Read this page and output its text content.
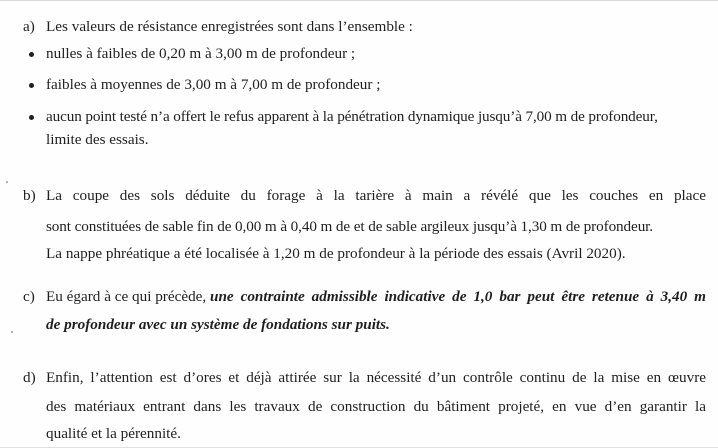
a) Les valeurs de résistance enregistrées sont dans l’ensemble :
nulles à faibles de 0,20 m à 3,00 m de profondeur ;
faibles à moyennes de 3,00 m à 7,00 m de profondeur ;
aucun point testé n’a offert le refus apparent à la pénétration dynamique jusqu’à 7,00 m de profondeur,
limite des essais.
b) La coupe des sols déduite du forage à la tarière à main a révélé que les couches en place
sont constituées de sable fin de 0,00 m à 0,40 m de et de sable argileux jusqu’à 1,30 m de profondeur.
La nappe phréatique a été localisée à 1,20 m de profondeur à la période des essais (Avril 2020).
c) Eu égard à ce qui précède, une contrainte admissible indicative de 1,0 bar peut être retenue à 3,40 m
de profondeur avec un système de fondations sur puits.
d) Enfin, l’attention est d’ores et déjà attirée sur la nécessité d’un contrôle continu de la mise en œuvre
des matériaux entrant dans les travaux de construction du bâtiment projeté, en vue d’en garantir la
qualité et la pérennité.
